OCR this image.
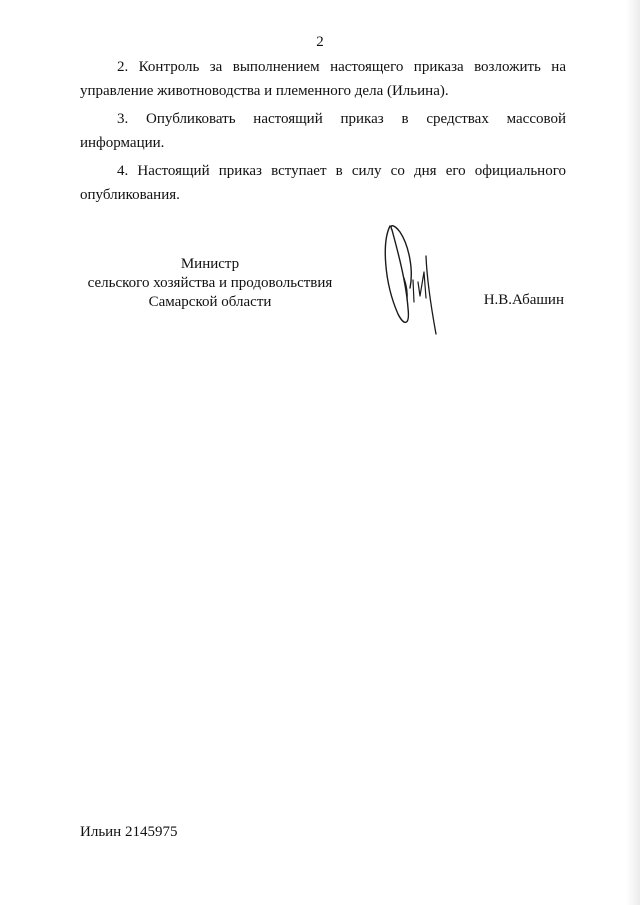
2

2. Контроль за выполнением настоящего приказа возложить на управление животноводства и племенного дела (Ильина).

3. Опубликовать настоящий приказ в средствах массовой информации.

4. Настоящий приказ вступает в силу со дня его официального опубликования.

Министр
сельского хозяйства и продовольствия
Самарской области	Н.В.Абашин
Ильин 2145975
